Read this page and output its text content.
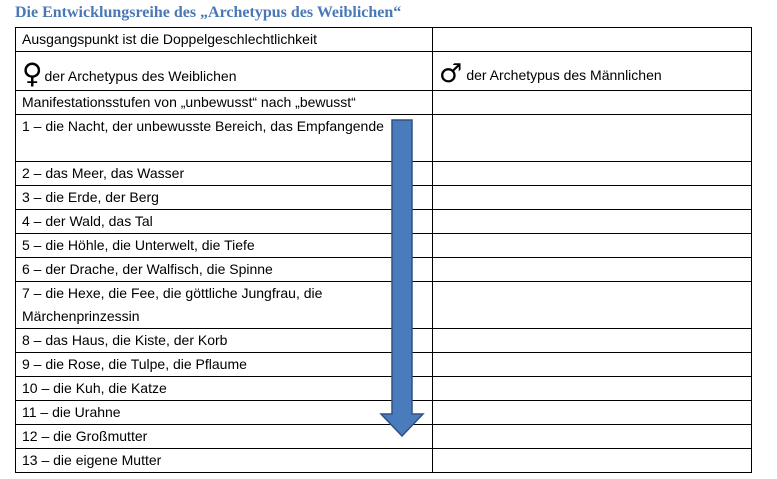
Die Entwicklungsreihe des „Archetypus des Weiblichen“
Ausgangspunkt ist die Doppelgeschlechtlichkeit	

♀ der Archetypus des Weiblichen	♂ der Archetypus des Männlichen

Manifestationsstufen von „unbewusst“ nach „bewusst“	
1 – die Nacht, der unbewusste Bereich, das Empfangende	
2 – das Meer, das Wasser	
3 – die Erde, der Berg	
4 – der Wald, das Tal	
5 – die Höhle, die Unterwelt, die Tiefe	
6 – der Drache, der Walfisch, die Spinne	
7 – die Hexe, die Fee, die göttliche Jungfrau, die Märchenprinzessin	
8 – das Haus, die Kiste, der Korb	
9 – die Rose, die Tulpe, die Pflaume	
10 – die Kuh, die Katze	
11 – die Urahne	
12 – die Großmutter	
13 – die eigene Mutter	
